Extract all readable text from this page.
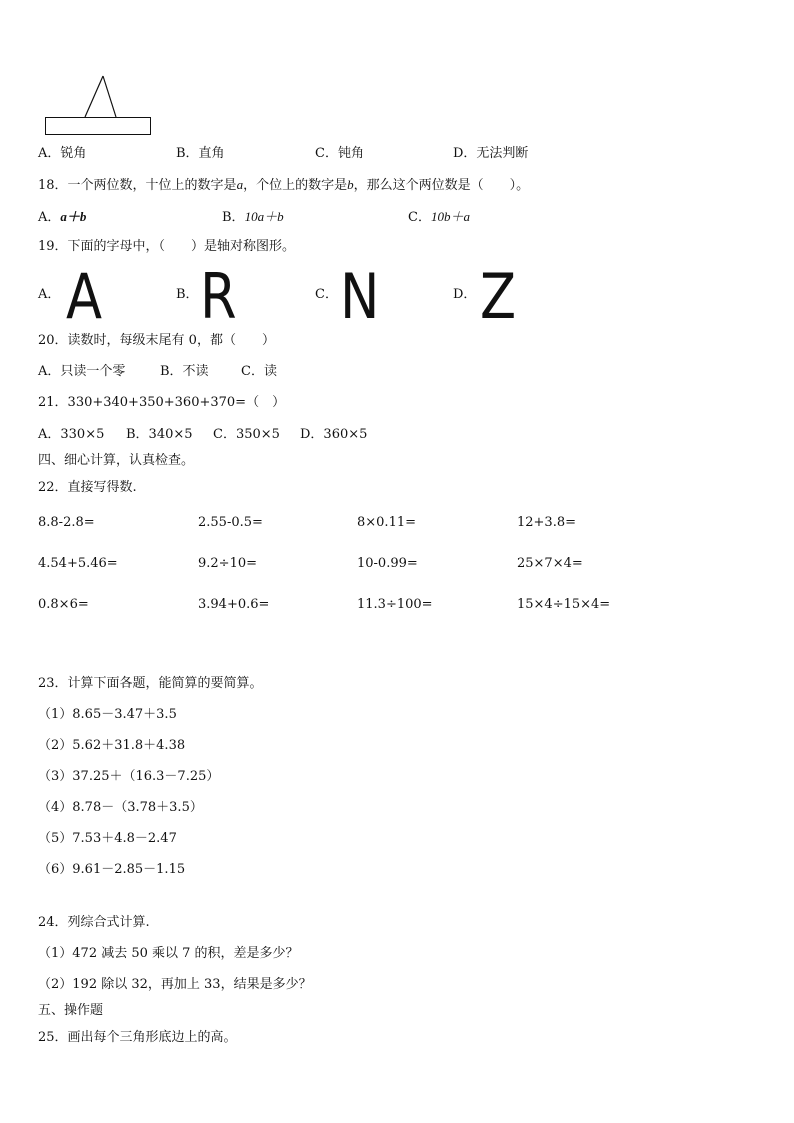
A．锐角	B．直角	C．钝角	D．无法判断
18．一个两位数，十位上的数字是a，个位上的数字是b，那么这个两位数是（　　）。
A．a＋b	B．10a＋b	C．10b＋a
19．下面的字母中，（　　）是轴对称图形。
A． A	B． R	C． N	D． Z
20．读数时，每级末尾有 0，都（　　）
A．只读一个零	B．不读 C．读
21．330+340+350+360+370=（　）
A．330×5 B．340×5 C．350×5 D．360×5
四、细心计算，认真检查。
22．直接写得数.
8.8-2.8=	2.55-0.5=	8×0.11=	12+3.8=
4.54+5.46=	9.2÷10=	10-0.99=	25×7×4=
0.8×6=	3.94+0.6=	11.3÷100=	15×4÷15×4=
23．计算下面各题，能简算的要简算。
（1）8.65－3.47＋3.5
（2）5.62＋31.8＋4.38
（3）37.25＋（16.3－7.25）
（4）8.78－（3.78＋3.5）
（5）7.53＋4.8－2.47
（6）9.61－2.85－1.15
24．列综合式计算.
（1）472 减去 50 乘以 7 的积，差是多少？
（2）192 除以 32，再加上 33，结果是多少？
五、操作题
25．画出每个三角形底边上的高。
